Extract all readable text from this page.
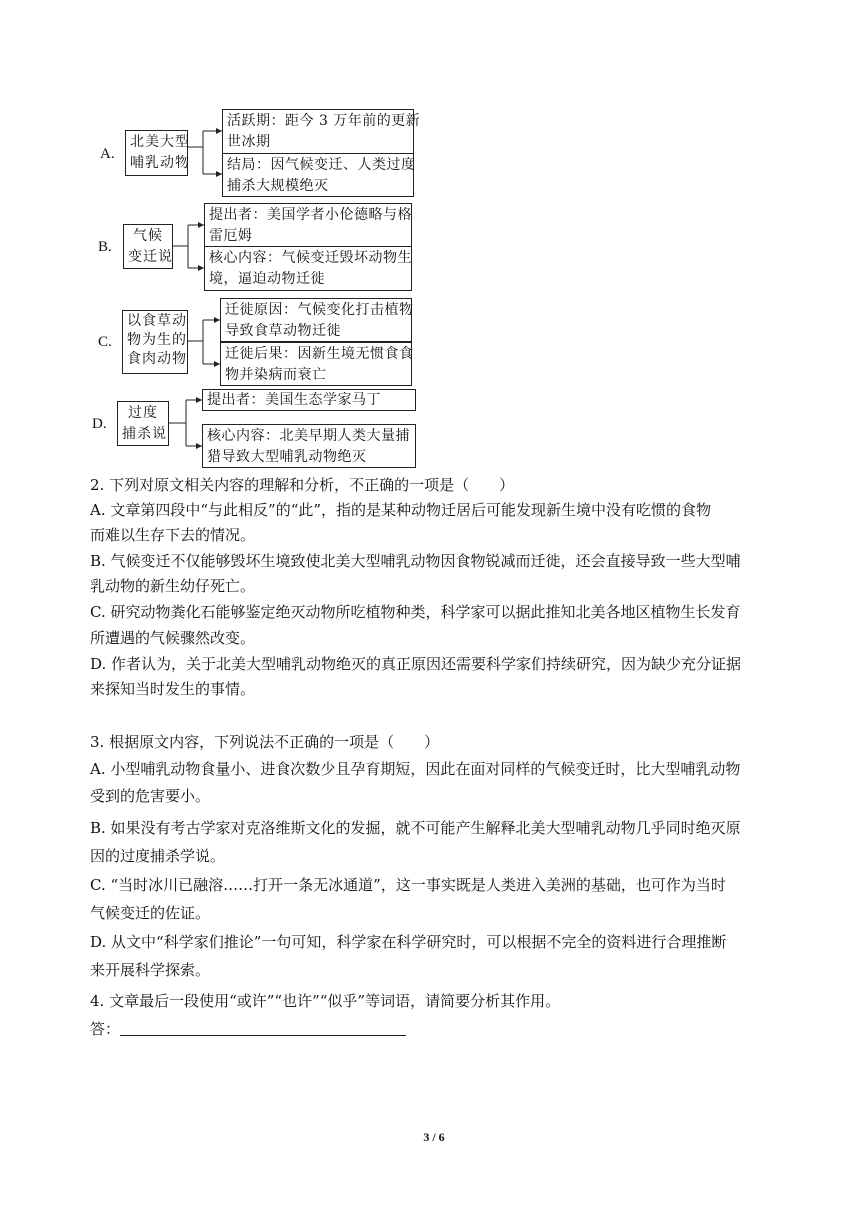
A.
北美大型
哺乳动物
活跃期：距今 3 万年前的更新
世冰期
结局：因气候变迁、人类过度
捕杀大规模绝灭
B.
气候
变迁说
提出者：美国学者小伦德略与格
雷厄姆
核心内容：气候变迁毁坏动物生
境，逼迫动物迁徙
C.
以食草动
物为生的
食肉动物
迁徙原因：气候变化打击植物
导致食草动物迁徙
迁徙后果：因新生境无惯食食
物并染病而衰亡
D.
过度
捕杀说
提出者：美国生态学家马丁
核心内容：北美早期人类大量捕
猎导致大型哺乳动物绝灭
2. 下列对原文相关内容的理解和分析，不正确的一项是（　　）
A. 文章第四段中“与此相反”的“此”，指的是某种动物迁居后可能发现新生境中没有吃惯的食物
而难以生存下去的情况。
B. 气候变迁不仅能够毁坏生境致使北美大型哺乳动物因食物锐减而迁徙，还会直接导致一些大型哺
乳动物的新生幼仔死亡。
C. 研究动物粪化石能够鉴定绝灭动物所吃植物种类，科学家可以据此推知北美各地区植物生长发育
所遭遇的气候骤然改变。
D. 作者认为，关于北美大型哺乳动物绝灭的真正原因还需要科学家们持续研究，因为缺少充分证据
来探知当时发生的事情。
3. 根据原文内容，下列说法不正确的一项是（　　）
A. 小型哺乳动物食量小、进食次数少且孕育期短，因此在面对同样的气候变迁时，比大型哺乳动物
受到的危害要小。
B. 如果没有考古学家对克洛维斯文化的发掘，就不可能产生解释北美大型哺乳动物几乎同时绝灭原
因的过度捕杀学说。
C. “当时冰川已融溶……打开一条无冰通道”，这一事实既是人类进入美洲的基础，也可作为当时
气候变迁的佐证。
D. 从文中“科学家们推论”一句可知，科学家在科学研究时，可以根据不完全的资料进行合理推断
来开展科学探索。
4. 文章最后一段使用“或许”“也许”“似乎”等词语，请简要分析其作用。
答：
3 / 6
